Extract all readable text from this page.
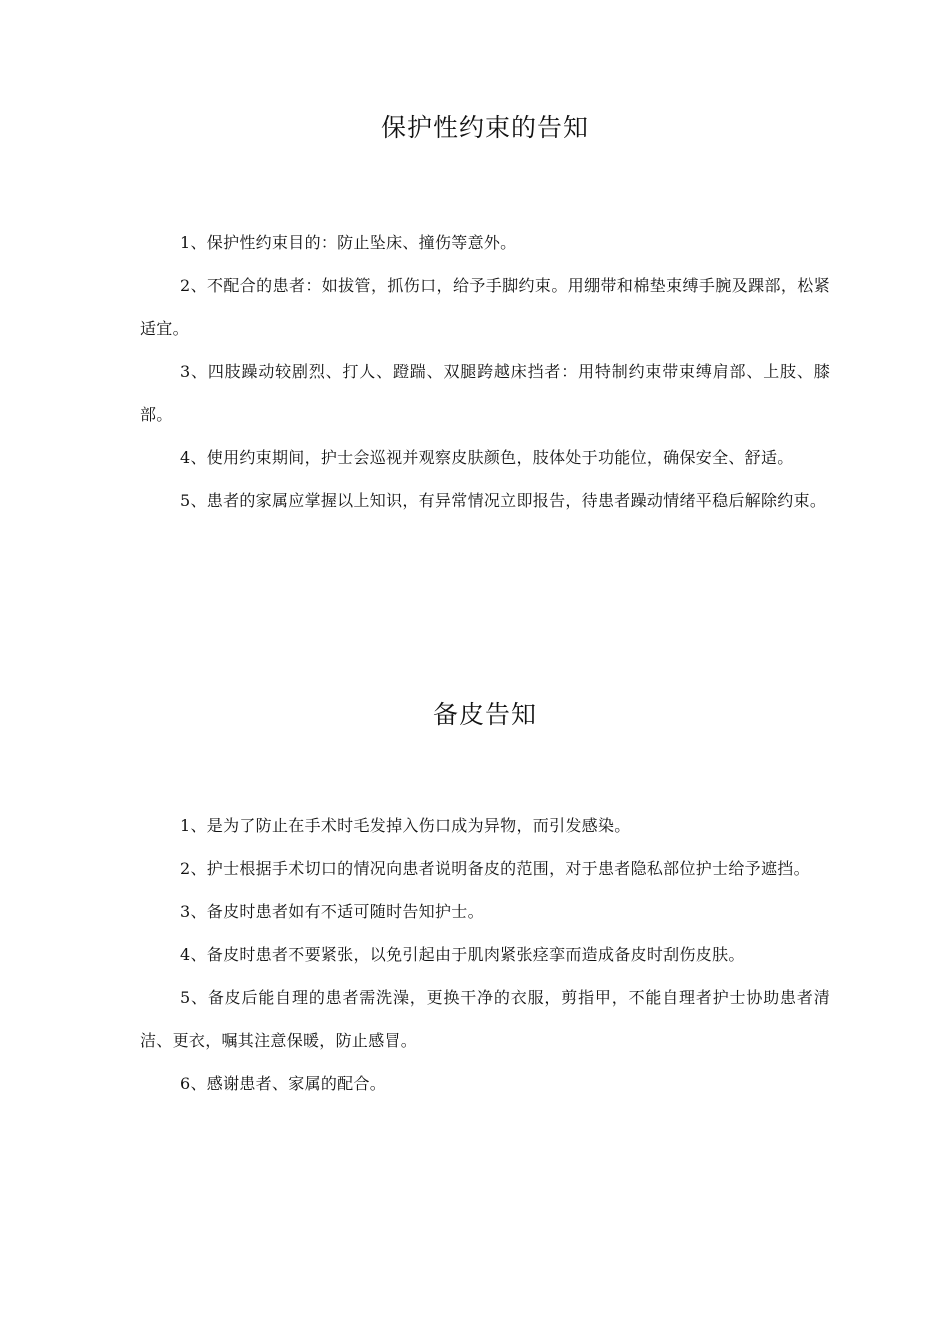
保护性约束的告知
1、保护性约束目的：防止坠床、撞伤等意外。
2、不配合的患者：如拔管，抓伤口，给予手脚约束。用绷带和棉垫束缚手腕及踝部，松紧适宜。
3、四肢躁动较剧烈、打人、蹬踹、双腿跨越床挡者：用特制约束带束缚肩部、上肢、膝部。
4、使用约束期间，护士会巡视并观察皮肤颜色，肢体处于功能位，确保安全、舒适。
5、患者的家属应掌握以上知识，有异常情况立即报告，待患者躁动情绪平稳后解除约束。
备皮告知
1、是为了防止在手术时毛发掉入伤口成为异物，而引发感染。
2、护士根据手术切口的情况向患者说明备皮的范围，对于患者隐私部位护士给予遮挡。
3、备皮时患者如有不适可随时告知护士。
4、备皮时患者不要紧张，以免引起由于肌肉紧张痉挛而造成备皮时刮伤皮肤。
5、备皮后能自理的患者需洗澡，更换干净的衣服，剪指甲，不能自理者护士协助患者清洁、更衣，嘱其注意保暖，防止感冒。
6、感谢患者、家属的配合。
